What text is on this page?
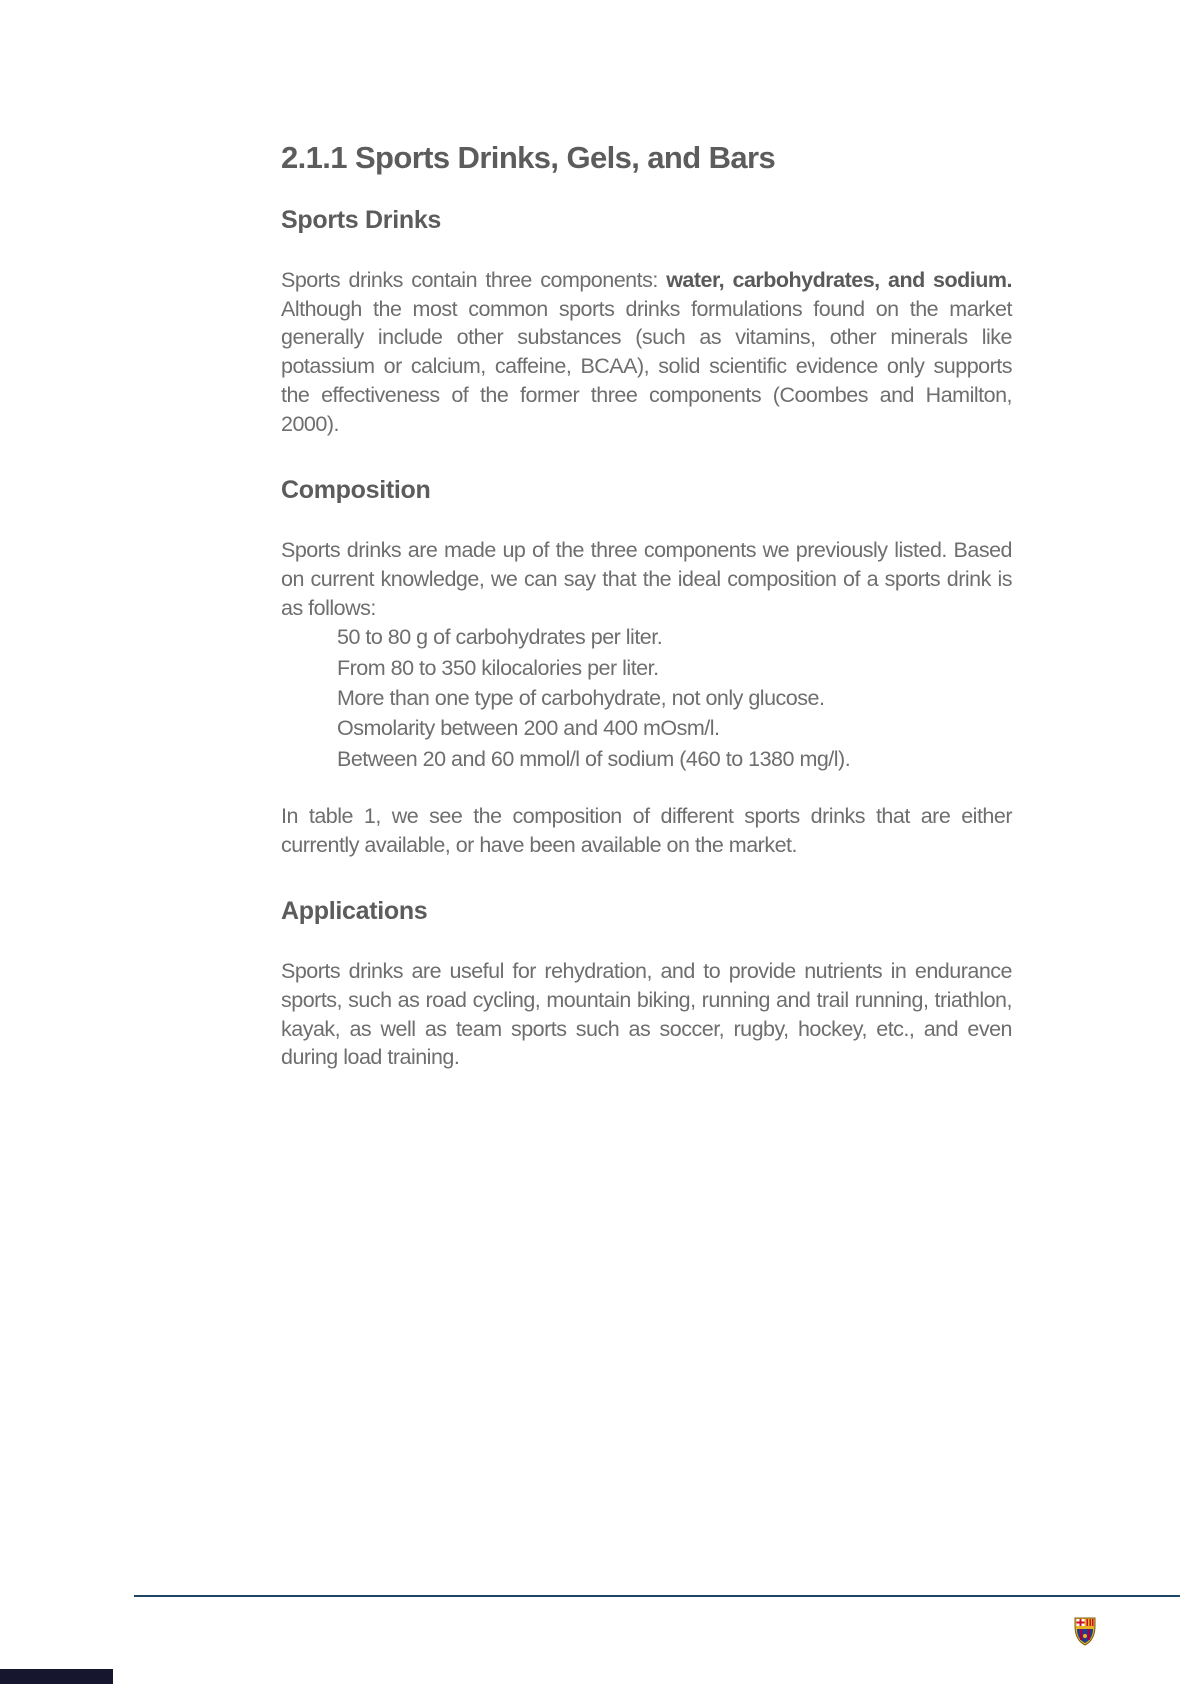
2.1.1 Sports Drinks, Gels, and Bars
Sports Drinks

Sports drinks contain three components: water, carbohydrates, and sodium. Although the most common sports drinks formulations found on the market generally include other substances (such as vitamins, other minerals like potassium or calcium, caffeine, BCAA), solid scientific evidence only supports the effectiveness of the former three components (Coombes and Hamilton, 2000).

Composition

Sports drinks are made up of the three components we previously listed. Based on current knowledge, we can say that the ideal composition of a sports drink is as follows:

50 to 80 g of carbohydrates per liter.
From 80 to 350 kilocalories per liter.
More than one type of carbohydrate, not only glucose.
Osmolarity between 200 and 400 mOsm/l.
Between 20 and 60 mmol/l of sodium (460 to 1380 mg/l).

In table 1, we see the composition of different sports drinks that are either currently available, or have been available on the market.

Applications

Sports drinks are useful for rehydration, and to provide nutrients in endurance sports, such as road cycling, mountain biking, running and trail running, triathlon, kayak, as well as team sports such as soccer, rugby, hockey, etc., and even during load training.
